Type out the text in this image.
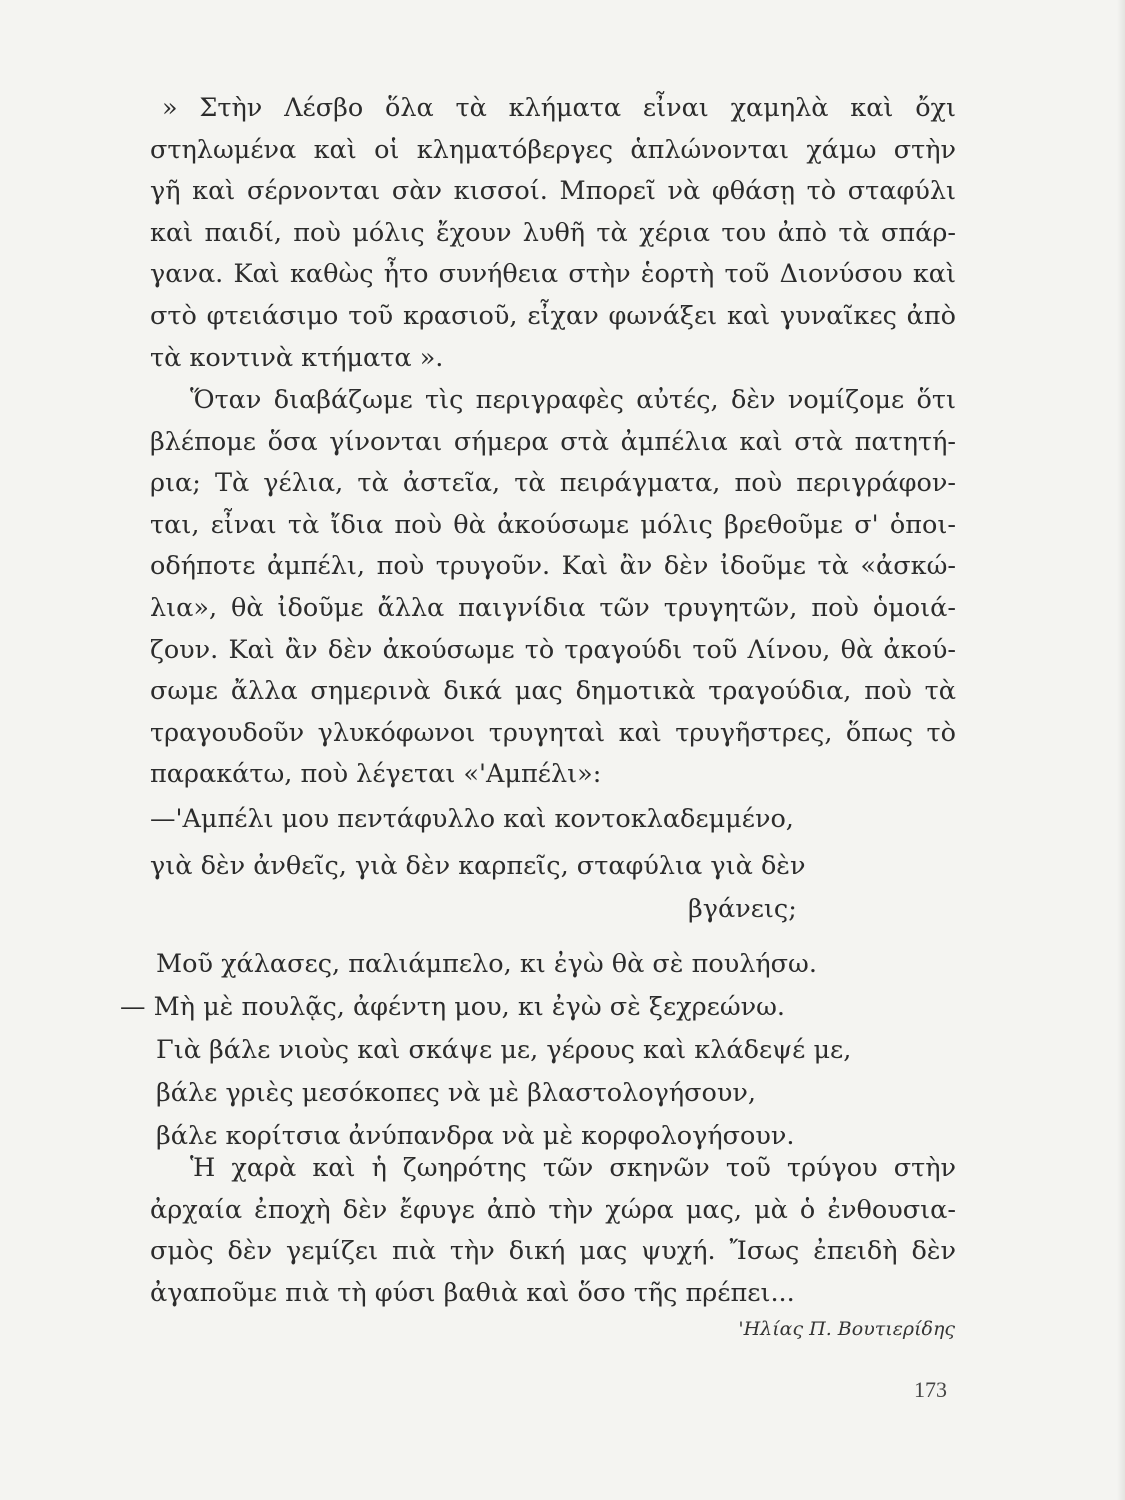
» Στὴν Λέσβο ὅλα τὰ κλήματα εἶναι χαμηλὰ καὶ ὄχι
στηλωμένα καὶ οἱ κληματόβεργες ἁπλώνονται χάμω στὴν
γῆ καὶ σέρνονται σὰν κισσοί. Μπορεῖ νὰ φθάσῃ τὸ σταφύλι
καὶ παιδί, ποὺ μόλις ἔχουν λυθῆ τὰ χέρια του ἀπὸ τὰ σπάρ-
γανα. Καὶ καθὼς ἦτο συνήθεια στὴν ἑορτὴ τοῦ Διονύσου καὶ
στὸ φτειάσιμο τοῦ κρασιοῦ, εἶχαν φωνάξει καὶ γυναῖκες ἀπὸ
τὰ κοντινὰ κτήματα ».
Ὅταν διαβάζωμε τὶς περιγραφὲς αὐτές, δὲν νομίζομε ὅτι
βλέπομε ὅσα γίνονται σήμερα στὰ ἀμπέλια καὶ στὰ πατητή-
ρια; Τὰ γέλια, τὰ ἀστεῖα, τὰ πειράγματα, ποὺ περιγράφον-
ται, εἶναι τὰ ἴδια ποὺ θὰ ἀκούσωμε μόλις βρεθοῦμε σ' ὁποι-
οδήποτε ἀμπέλι, ποὺ τρυγοῦν. Καὶ ἂν δὲν ἰδοῦμε τὰ «ἀσκώ-
λια», θὰ ἰδοῦμε ἄλλα παιγνίδια τῶν τρυγητῶν, ποὺ ὁμοιά-
ζουν. Καὶ ἂν δὲν ἀκούσωμε τὸ τραγούδι τοῦ Λίνου, θὰ ἀκού-
σωμε ἄλλα σημερινὰ δικά μας δημοτικὰ τραγούδια, ποὺ τὰ
τραγουδοῦν γλυκόφωνοι τρυγηταὶ καὶ τρυγῆστρες, ὅπως τὸ
παρακάτω, ποὺ λέγεται «'Αμπέλι»:
—'Αμπέλι μου πεντάφυλλο καὶ κοντοκλαδεμμένο,
γιὰ δὲν ἀνθεῖς, γιὰ δὲν καρπεῖς, σταφύλια γιὰ δὲν
βγάνεις;
Μοῦ χάλασες, παλιάμπελο, κι ἐγὼ θὰ σὲ πουλήσω.
— Μὴ μὲ πουλᾷς, ἀφέντη μου, κι ἐγὼ σὲ ξεχρεώνω.
Γιὰ βάλε νιοὺς καὶ σκάψε με, γέρους καὶ κλάδεψέ με,
βάλε γριὲς μεσόκοπες νὰ μὲ βλαστολογήσουν,
βάλε κορίτσια ἀνύπανδρα νὰ μὲ κορφολογήσουν.
Ἡ χαρὰ καὶ ἡ ζωηρότης τῶν σκηνῶν τοῦ τρύγου στὴν
ἀρχαία ἐποχὴ δὲν ἔφυγε ἀπὸ τὴν χώρα μας, μὰ ὁ ἐνθουσια-
σμὸς δὲν γεμίζει πιὰ τὴν δική μας ψυχή. Ἴσως ἐπειδὴ δὲν
ἀγαποῦμε πιὰ τὴ φύσι βαθιὰ καὶ ὅσο τῆς πρέπει...
'Ηλίας Π. Βουτιερίδης
173
